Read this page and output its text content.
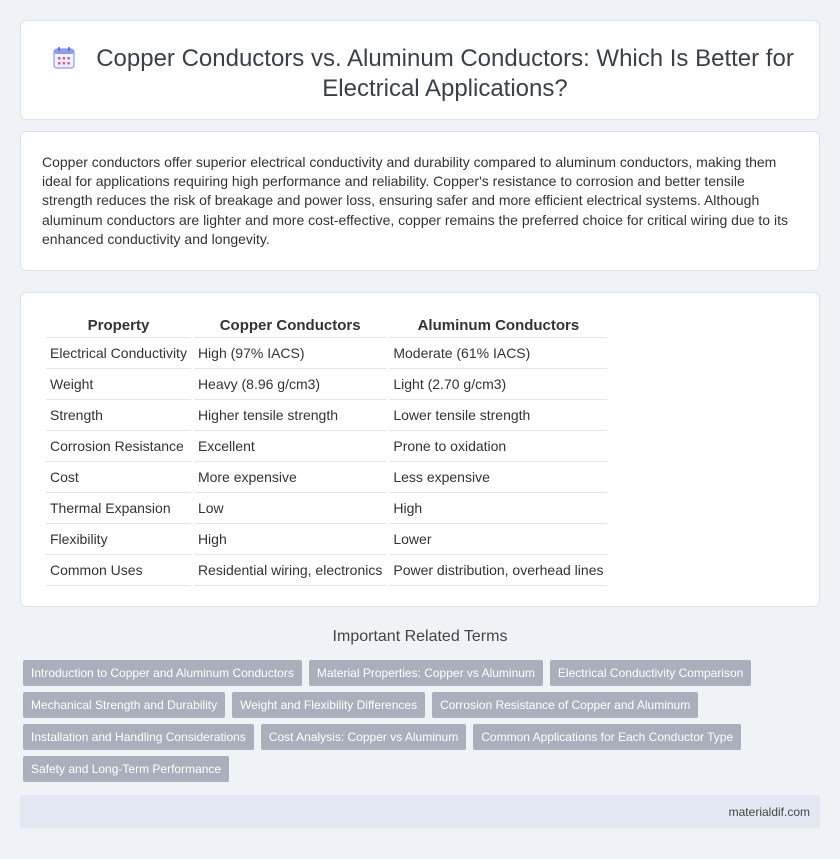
Copper Conductors vs. Aluminum Conductors: Which Is Better for Electrical Applications?

Copper conductors offer superior electrical conductivity and durability compared to aluminum conductors, making them ideal for applications requiring high performance and reliability. Copper's resistance to corrosion and better tensile strength reduces the risk of breakage and power loss, ensuring safer and more efficient electrical systems. Although aluminum conductors are lighter and more cost-effective, copper remains the preferred choice for critical wiring due to its enhanced conductivity and longevity.

Property	Copper Conductors	Aluminum Conductors
Electrical Conductivity	High (97% IACS)	Moderate (61% IACS)
Weight	Heavy (8.96 g/cm3)	Light (2.70 g/cm3)
Strength	Higher tensile strength	Lower tensile strength
Corrosion Resistance	Excellent	Prone to oxidation
Cost	More expensive	Less expensive
Thermal Expansion	Low	High
Flexibility	High	Lower
Common Uses	Residential wiring, electronics	Power distribution, overhead lines
Important Related Terms
Introduction to Copper and Aluminum Conductors	Material Properties: Copper vs Aluminum	Electrical Conductivity Comparison
Mechanical Strength and Durability	Weight and Flexibility Differences	Corrosion Resistance of Copper and Aluminum
Installation and Handling Considerations	Cost Analysis: Copper vs Aluminum	Common Applications for Each Conductor Type
Safety and Long-Term Performance
materialdif.com
